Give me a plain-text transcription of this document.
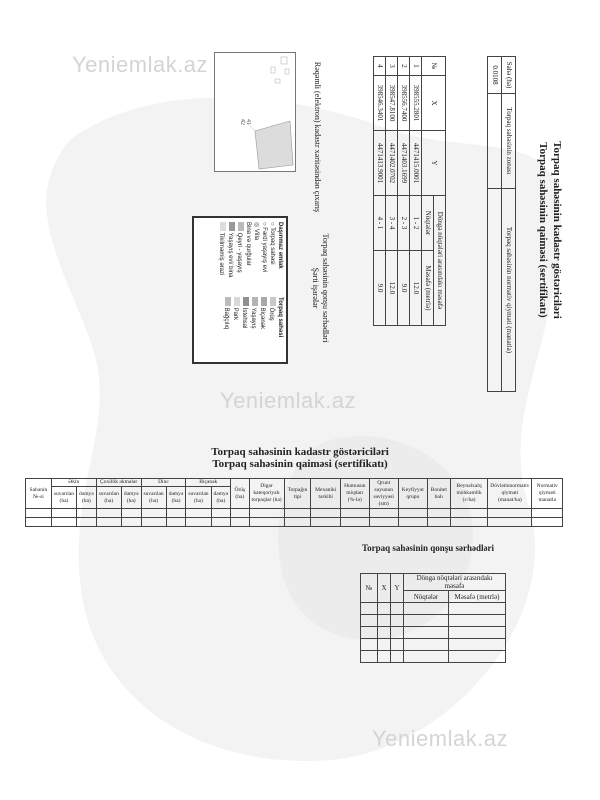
Yeniemlak.az
Yeniemlak.az
Yeniemlak.az
Torpaq sahəsinin kadastr göstəriciləri
Torpaq sahəsinin qaiməsi (sertifikatı)
Sahə (ha)	Torpaq sahəsinin zonası	Torpaq sahəsinin normativ qiyməti (manatla)
0.0108		
№	X	Y	Döngə nöqtələri arasındakı məsafə	
			Nöqtələr	Məsafə (metrlə)
1	398555.2801	4471415.0001	1 - 2	12.0
2	398556.7400	4471403.1699	2 - 3	9.0
3	398547.8100	4471402.0702	3 - 4	12.0
4	398546.3401	4471413.9001	4 - 1	9.0
Torpaq sahəsinin qonşu sərhədləri
Şərti işarələr
Rəqəmli (elektron) kadastr xəritəsindən çıxarış
41
42
Daşınmaz əmlak
○ Torpaq sahəsi
○ Fərdi yaşayış evi
◎ Villa
Bina və qurğular
Qeyri - yaşayış
Yaşayış evi/ bina
Tikilməmiş ərazi
Torpaq sahəsi
Örüş
Biçənək
Yaşayış
İstehsal
Park
Bağçılıq
Torpaq sahəsinin kadastr göstəriciləri
Torpaq sahəsinin qaiməsi (sertifikatı)
Sahənin №-si	Əkin		Çoxillik əkmələr		Dinc		Biçənək		Örüş (ha)	Digər kateqoriyalı torpaqlar (ha)	Torpağın tipi	Mexaniki tərkibi	Humusun miqdarı (%-lə)	Qrunt suyunun səviyyəsi (sm)	Keyfiyyət qrupu	Bonitet balı	Beynəlxalq möhkəmlik (c/ha)	Dövlətinnormativ qiyməti (manat/ha)	Normativ qiyməti manatla
	suvarılan (ha)	dəmyə (ha)	suvarılan (ha)	dəmyə (ha)	suvarılan (ha)	dəmyə (ha)	suvarılan (ha)	dəmyə (ha)											

Torpaq sahəsinin qonşu sərhədləri
№	X	Y	Dönga nöqtələri arasındakı məsafə	
			Nöqtələr	Məsafə (metrlə)
